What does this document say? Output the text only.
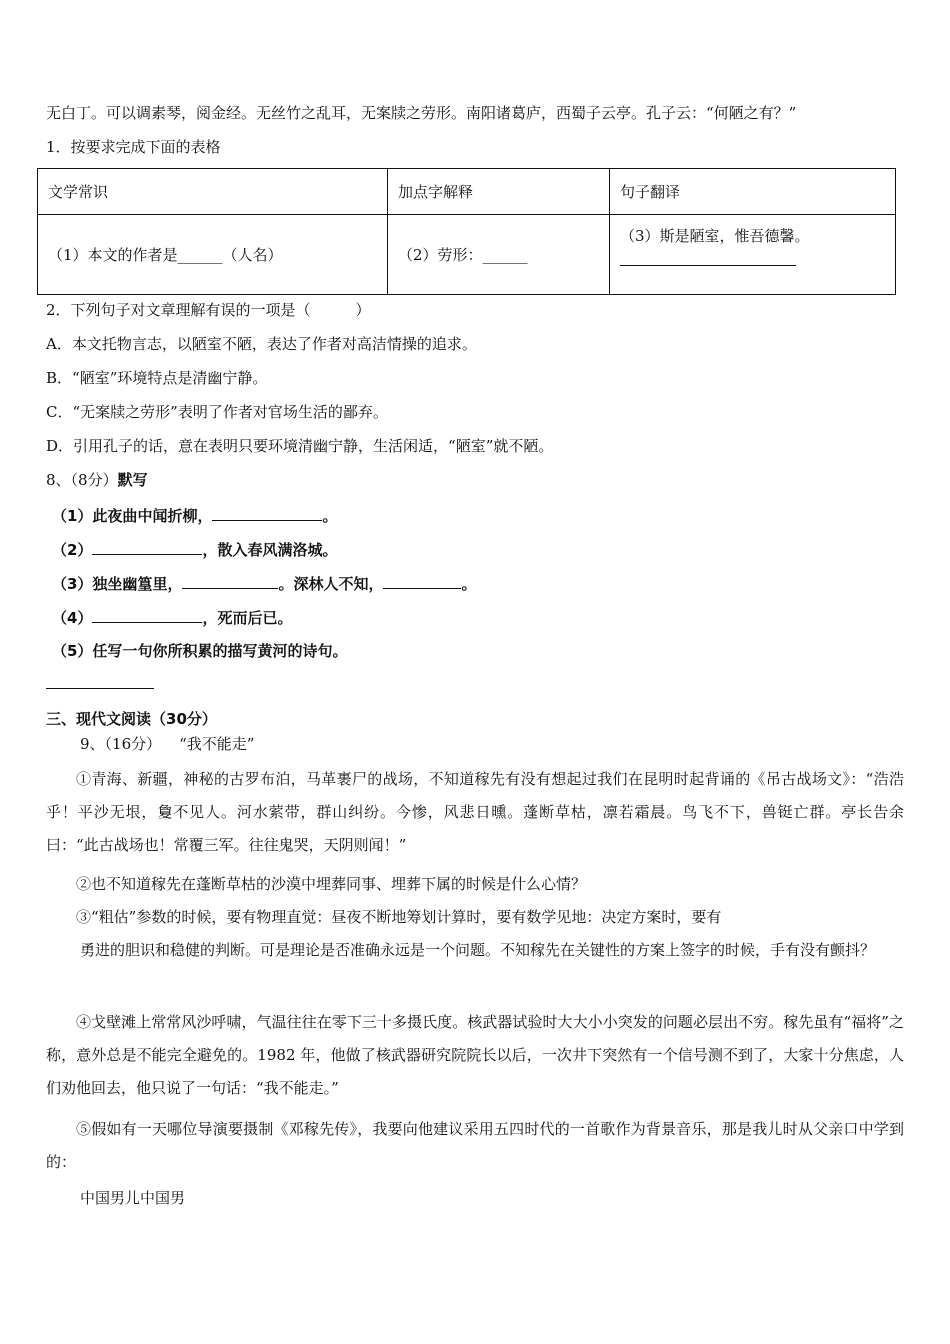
无白丁。可以调素琴，阅金经。无丝竹之乱耳，无案牍之劳形。南阳诸葛庐，西蜀子云亭。孔子云：“何陋之有？”
1．按要求完成下面的表格
文学常识	加点字解释	句子翻译
（1）本文的作者是______（人名）	（2）劳形：______	（3）斯是陋室，惟吾德馨。
2．下列句子对文章理解有误的一项是（　　　）
A．本文托物言志，以陋室不陋，表达了作者对高洁情操的追求。
B．“陋室”环境特点是清幽宁静。
C．“无案牍之劳形”表明了作者对官场生活的鄙弃。
D．引用孔子的话，意在表明只要环境清幽宁静，生活闲适，“陋室”就不陋。
8、（8分）默写
（1）此夜曲中闻折柳，	。
（2）	，散入春风满洛城。
（3）独坐幽篁里，	。深林人不知，	。
（4）	，死而后已。
（5）任写一句你所积累的描写黄河的诗句。
三、现代文阅读（30分）
9、（16分） “我不能走”
①青海、新疆，神秘的古罗布泊，马革裹尸的战场，不知道稼先有没有想起过我们在昆明时起背诵的《吊古战场文》：“浩浩乎！平沙无垠，敻不见人。河水萦带，群山纠纷。今惨，风悲日曛。蓬断草枯，凛若霜晨。鸟飞不下，兽铤亡群。亭长告余曰：“此古战场也！常覆三军。往往鬼哭，天阴则闻！”
②也不知道稼先在蓬断草枯的沙漠中埋葬同事、埋葬下属的时候是什么心情？
③“粗估”参数的时候，要有物理直觉：昼夜不断地筹划计算时，要有数学见地：决定方案时，要有
勇进的胆识和稳健的判断。可是理论是否准确永远是一个问题。不知稼先在关键性的方案上签字的时候，手有没有颤抖？
④戈壁滩上常常风沙呼啸，气温往往在零下三十多摄氏度。核武器试验时大大小小突发的问题必层出不穷。稼先虽有“福将”之称，意外总是不能完全避免的。1982 年，他做了核武器研究院院长以后，一次井下突然有一个信号测不到了，大家十分焦虑，人们劝他回去，他只说了一句话：“我不能走。”
⑤假如有一天哪位导演要摄制《邓稼先传》，我要向他建议采用五四时代的一首歌作为背景音乐，那是我儿时从父亲口中学到的：
中国男儿中国男
